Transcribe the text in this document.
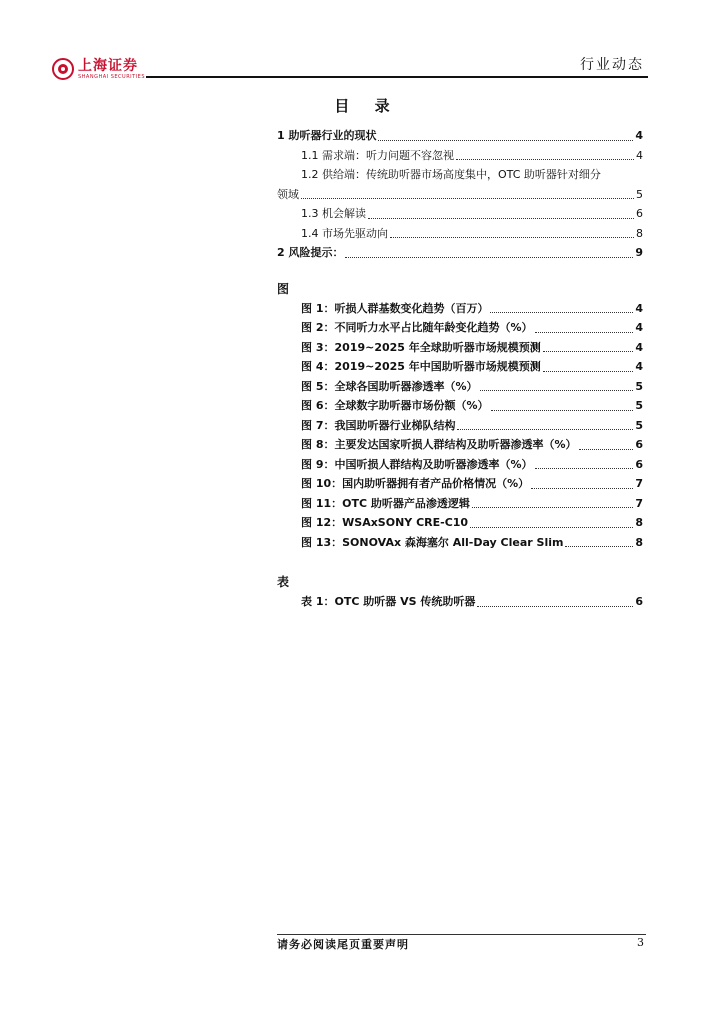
上海证券
SHANGHAI SECURITIES
行业动态
目 录
1 助听器行业的现状	4
1.1 需求端：听力问题不容忽视	4
1.2 供给端：传统助听器市场高度集中，OTC 助听器针对细分
领域	5
1.3 机会解读	6
1.4 市场先驱动向	8
2 风险提示：	9
图
图 1：听损人群基数变化趋势（百万）	4
图 2：不同听力水平占比随年龄变化趋势（%）	4
图 3：2019~2025 年全球助听器市场规模预测	4
图 4：2019~2025 年中国助听器市场规模预测	4
图 5：全球各国助听器渗透率（%）	5
图 6：全球数字助听器市场份额（%）	5
图 7：我国助听器行业梯队结构	5
图 8：主要发达国家听损人群结构及助听器渗透率（%）	6
图 9：中国听损人群结构及助听器渗透率（%）	6
图 10：国内助听器拥有者产品价格情况（%）	7
图 11：OTC 助听器产品渗透逻辑	7
图 12：WSAxSONY CRE-C10	8
图 13：SONOVAx 森海塞尔 All-Day Clear Slim	8
表
表 1：OTC 助听器 VS 传统助听器	6
请务必阅读尾页重要声明	3
